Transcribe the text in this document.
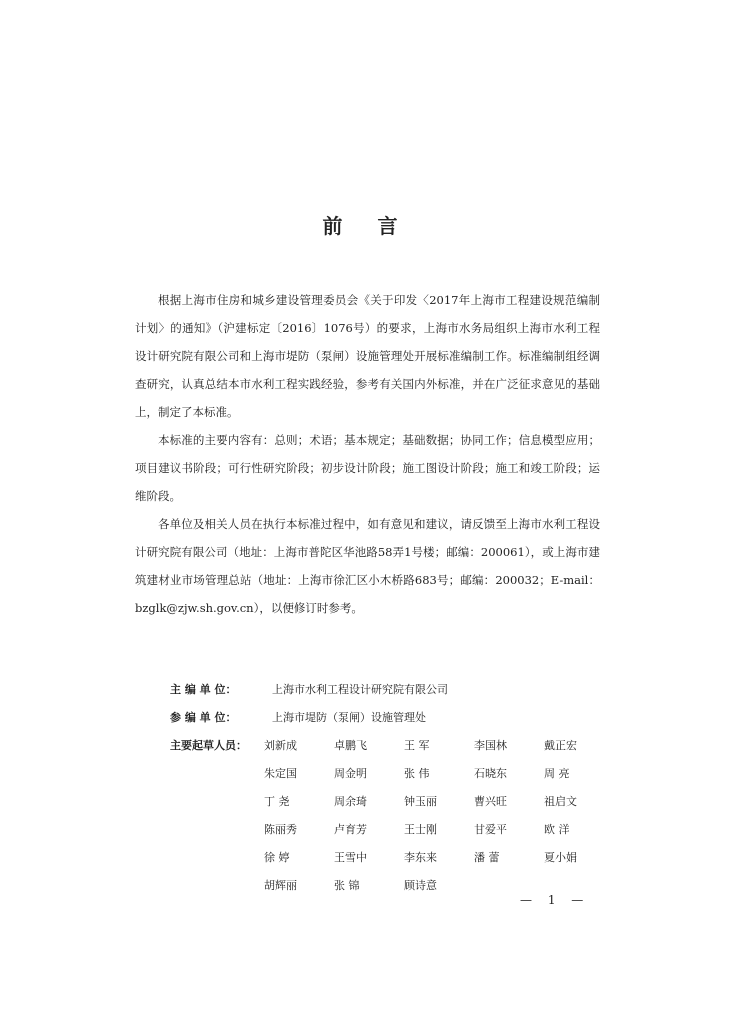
前 言

根据上海市住房和城乡建设管理委员会《关于印发〈2017年上海市工程建设规范编制计划〉的通知》（沪建标定〔2016〕1076号）的要求，上海市水务局组织上海市水利工程设计研究院有限公司和上海市堤防（泵闸）设施管理处开展标准编制工作。标准编制组经调查研究，认真总结本市水利工程实践经验，参考有关国内外标准，并在广泛征求意见的基础上，制定了本标准。

本标准的主要内容有：总则；术语；基本规定；基础数据；协同工作；信息模型应用；项目建议书阶段；可行性研究阶段；初步设计阶段；施工图设计阶段；施工和竣工阶段；运维阶段。

各单位及相关人员在执行本标准过程中，如有意见和建议，请反馈至上海市水利工程设计研究院有限公司（地址：上海市普陀区华池路58弄1号楼；邮编：200061），或上海市建筑建材业市场管理总站（地址：上海市徐汇区小木桥路683号；邮编：200032；E-mail：bzglk@zjw.sh.gov.cn），以便修订时参考。

主 编 单 位：	上海市水利工程设计研究院有限公司
参 编 单 位：	上海市堤防（泵闸）设施管理处
主要起草人员：	刘新成	卓鹏飞	王 军	李国林	戴正宏
朱定国	周金明	张 伟	石晓东	周 亮
丁 尧	周余琦	钟玉丽	曹兴旺	祖启文
陈丽秀	卢育芳	王士刚	甘爱平	欧 洋
徐 婷	王雪中	李东来	潘 蕾	夏小娟
胡辉丽	张 锦	顾诗意
— 1 —
